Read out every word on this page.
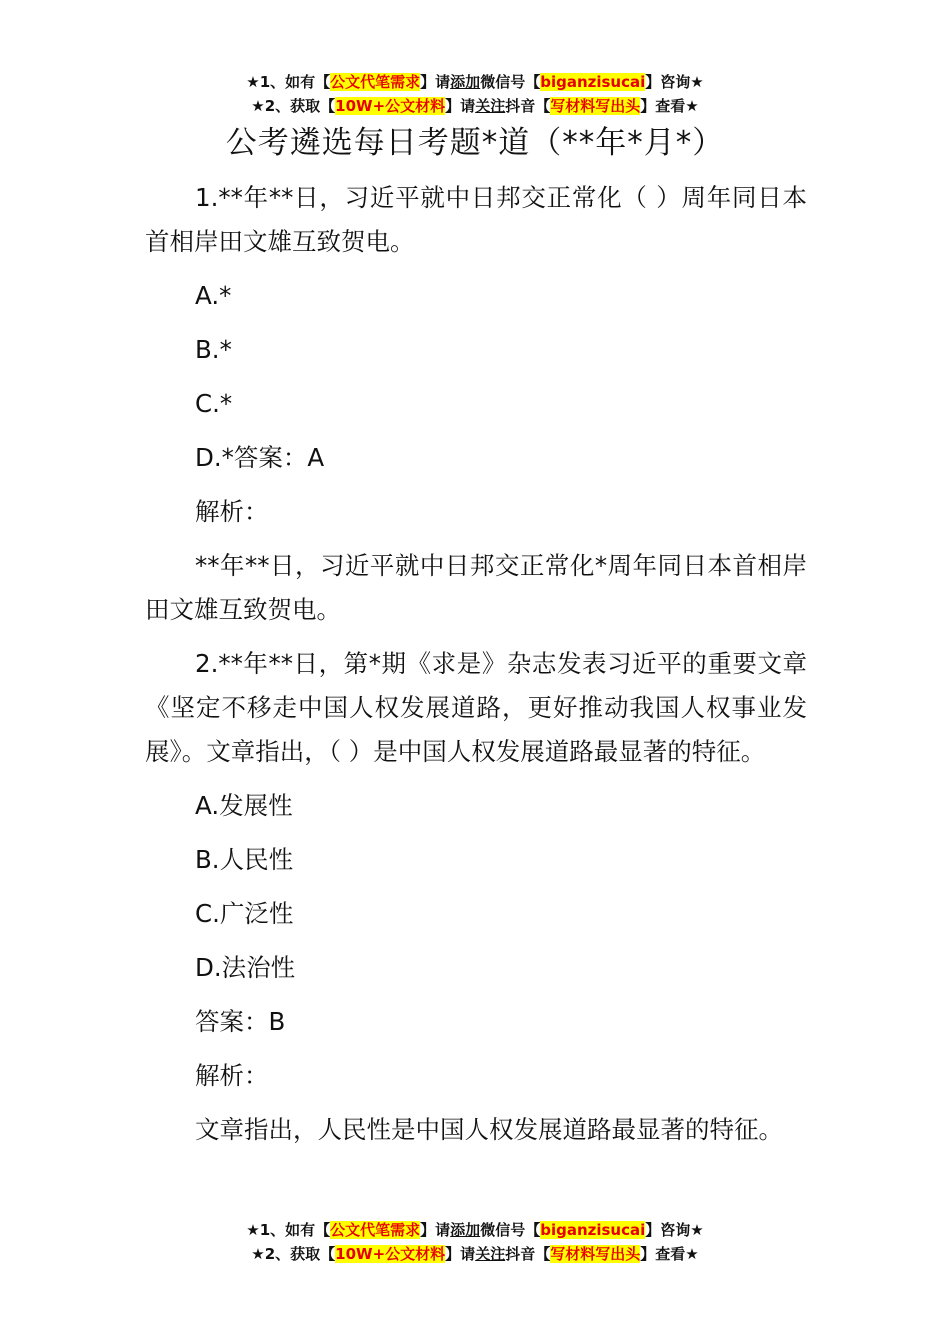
★1、如有【公文代笔需求】请添加微信号【biganzisucai】咨询★
★2、获取【10W+公文材料】请关注抖音【写材料写出头】查看★
公考遴选每日考题*道（**年*月*）

1.**年**日，习近平就中日邦交正常化（ ）周年同日本首相岸田文雄互致贺电。

A.*

B.*

C.*

D.*答案：A

解析：

**年**日，习近平就中日邦交正常化*周年同日本首相岸田文雄互致贺电。

2.**年**日，第*期《求是》杂志发表习近平的重要文章《坚定不移走中国人权发展道路，更好推动我国人权事业发展》。文章指出，（ ）是中国人权发展道路最显著的特征。

A.发展性

B.人民性

C.广泛性

D.法治性

答案：B

解析：

文章指出，人民性是中国人权发展道路最显著的特征。

★1、如有【公文代笔需求】请添加微信号【biganzisucai】咨询★
★2、获取【10W+公文材料】请关注抖音【写材料写出头】查看★
